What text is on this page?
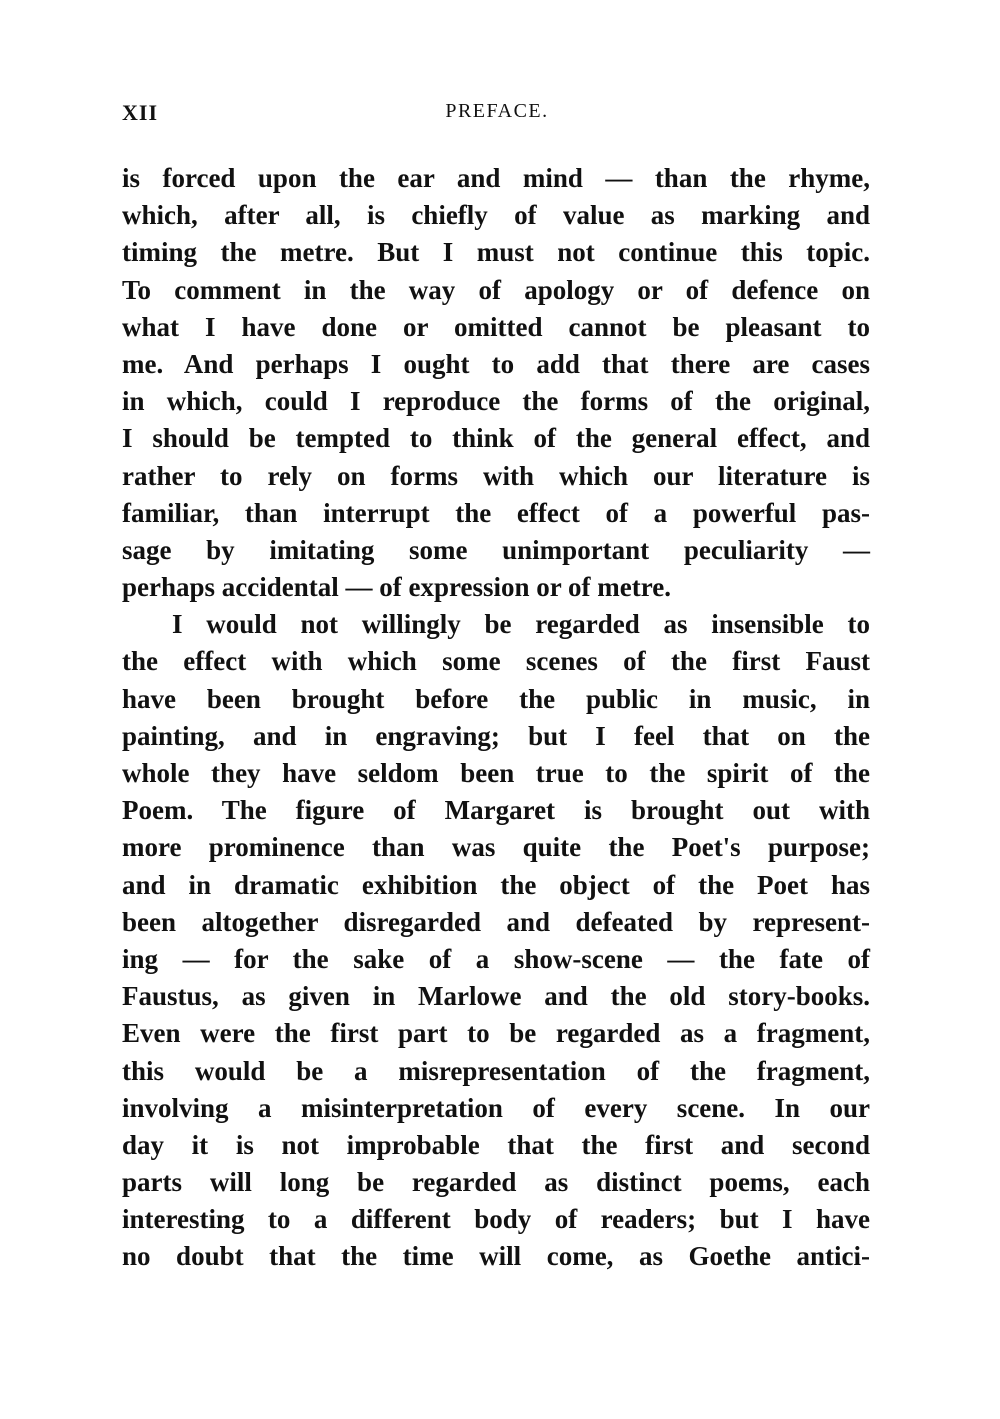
XII	PREFACE.
is forced upon the ear and mind — than the rhyme,
which, after all, is chiefly of value as marking and
timing the metre. But I must not continue this topic.
To comment in the way of apology or of defence on
what I have done or omitted cannot be pleasant to
me. And perhaps I ought to add that there are cases
in which, could I reproduce the forms of the original,
I should be tempted to think of the general effect, and
rather to rely on forms with which our literature is
familiar, than interrupt the effect of a powerful pas-
sage by imitating some unimportant peculiarity —
perhaps accidental — of expression or of metre.
I would not willingly be regarded as insensible to
the effect with which some scenes of the first Faust
have been brought before the public in music, in
painting, and in engraving; but I feel that on the
whole they have seldom been true to the spirit of the
Poem. The figure of Margaret is brought out with
more prominence than was quite the Poet's purpose;
and in dramatic exhibition the object of the Poet has
been altogether disregarded and defeated by represent-
ing — for the sake of a show-scene — the fate of
Faustus, as given in Marlowe and the old story-books.
Even were the first part to be regarded as a fragment,
this would be a misrepresentation of the fragment,
involving a misinterpretation of every scene. In our
day it is not improbable that the first and second
parts will long be regarded as distinct poems, each
interesting to a different body of readers; but I have
no doubt that the time will come, as Goethe antici-
